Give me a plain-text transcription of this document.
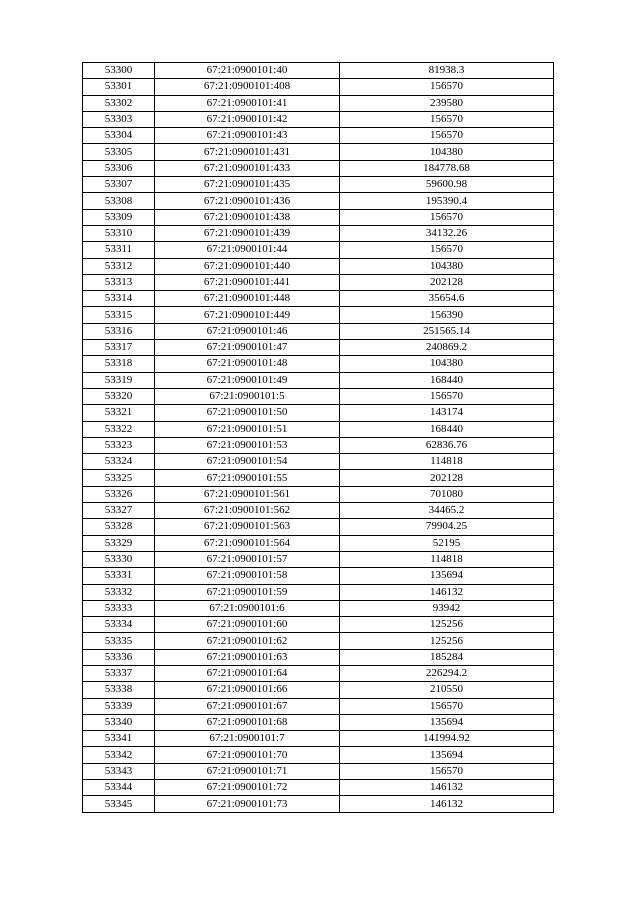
53300	67:21:0900101:40	81938.3
53301	67:21:0900101:408	156570
53302	67:21:0900101:41	239580
53303	67:21:0900101:42	156570
53304	67:21:0900101:43	156570
53305	67:21:0900101:431	104380
53306	67:21:0900101:433	184778.68
53307	67:21:0900101:435	59600.98
53308	67:21:0900101:436	195390.4
53309	67:21:0900101:438	156570
53310	67:21:0900101:439	34132.26
53311	67:21:0900101:44	156570
53312	67:21:0900101:440	104380
53313	67:21:0900101:441	202128
53314	67:21:0900101:448	35654.6
53315	67:21:0900101:449	156390
53316	67:21:0900101:46	251565.14
53317	67:21:0900101:47	240869.2
53318	67:21:0900101:48	104380
53319	67:21:0900101:49	168440
53320	67:21:0900101:5	156570
53321	67:21:0900101:50	143174
53322	67:21:0900101:51	168440
53323	67:21:0900101:53	62836.76
53324	67:21:0900101:54	114818
53325	67:21:0900101:55	202128
53326	67:21:0900101:561	701080
53327	67:21:0900101:562	34465.2
53328	67:21:0900101:563	79904.25
53329	67:21:0900101:564	52195
53330	67:21:0900101:57	114818
53331	67:21:0900101:58	135694
53332	67:21:0900101:59	146132
53333	67:21:0900101:6	93942
53334	67:21:0900101:60	125256
53335	67:21:0900101:62	125256
53336	67:21:0900101:63	185284
53337	67:21:0900101:64	226294.2
53338	67:21:0900101:66	210550
53339	67:21:0900101:67	156570
53340	67:21:0900101:68	135694
53341	67:21:0900101:7	141994.92
53342	67:21:0900101:70	135694
53343	67:21:0900101:71	156570
53344	67:21:0900101:72	146132
53345	67:21:0900101:73	146132
